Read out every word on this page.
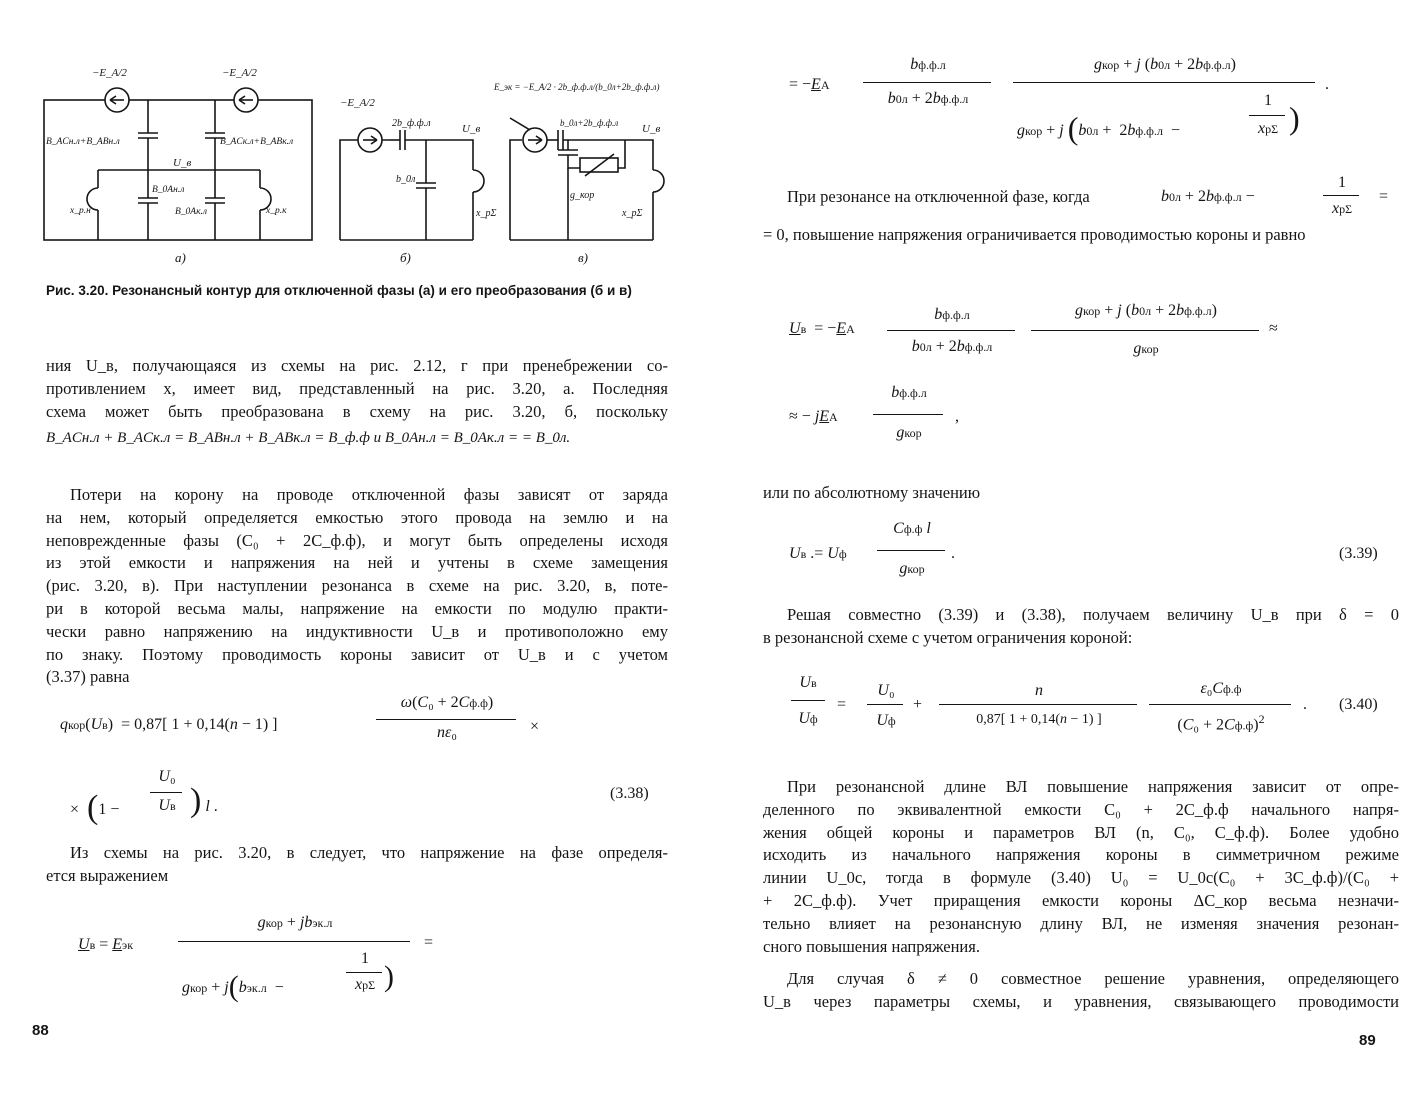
−E_A/2	−E_A/2
B_ACн.л+B_ABн.л	B_ACк.л+B_ABк.л
U_в
B_0Aн.л
B_0Aк.л
x_р.н	x_р.к
−E_A/2
2b_ф.ф.л	U_в
b_0л
x_рΣ
E_эк = −E_A/2 · 2b_ф.ф.л/(b_0л+2b_ф.ф.л)
b_0л+2b_ф.ф.л U_в
g_кор
x_рΣ
а)	б)	в)
Рис. 3.20. Резонансный контур для отключенной фазы (а) и его преобразования (б и в)
ния U_в, получающаяся из схемы на рис. 2.12, г при пренебрежении со-
противлением x, имеет вид, представленный на рис. 3.20, а. Последняя
схема может быть преобразована в схему на рис. 3.20, б, поскольку
B_ACн.л + B_ACк.л = B_ABн.л + B_ABк.л = B_ф.ф и B_0Aн.л = B_0Aк.л = = B_0л.
Потери на корону на проводе отключенной фазы зависят от заряда
на нем, который определяется емкостью этого провода на землю и на
неповрежденные фазы (C₀ + 2C_ф.ф), и могут быть определены исходя
из этой емкости и напряжения на ней и учтены в схеме замещения
(рис. 3.20, в). При наступлении резонанса в схеме на рис. 3.20, в, поте-
ри в которой весьма малы, напряжение на емкости по модулю практи-
чески равно напряжению на индуктивности U_в и противоположно ему
по знаку. Поэтому проводимость короны зависит от U_в и с учетом
(3.37) равна
qкор(Uв)  = 0,87[ 1 + 0,14(n − 1) ]
ω(C₀ + 2Cф.ф)
nε₀	×
×  (1 −
U₀
Uв ) l .
(3.38)
Из схемы на рис. 3.20, в следует, что напряжение на фазе определя-
ется выражением
Uв = Eэк
gкор + jbэк.л
gкор + j(bэк.л  −
1
xрΣ )
=
88
= −EA
bф.ф.л
b0л + 2bф.ф.л
gкор + j (b0л + 2bф.ф.л)
gкор + j (b0л +  2bф.ф.л  −
1
xрΣ )
.
При резонансе на отключенной фазе, когда	b0л + 2bф.ф.л −
1
xрΣ
=
= 0, повышение напряжения ограничивается проводимостью короны и равно
Uв  = −EA
bф.ф.л
b0л + 2bф.ф.л
gкор + j (b0л + 2bф.ф.л)
gкор
≈
≈ − jEA
bф.ф.л
gкор
,
или по абсолютному значению
Uв .= Uф
Cф.ф l
gкор
.	(3.39)
Решая совместно (3.39) и (3.38), получаем величину U_в при δ = 0
в резонансной схеме с учетом ограничения короной:
Uв
Uф
=
U₀
Uф
+
n
0,87[ 1 + 0,14(n − 1) ]
ε₀Cф.ф
$(C_0 + 2Cф.ф)^2$
. (3.40)
При резонансной длине ВЛ повышение напряжения зависит от опре-
деленного по эквивалентной емкости C₀ + 2C_ф.ф начального напря-
жения общей короны и параметров ВЛ (n, C₀, C_ф.ф). Более удобно
исходить из начального напряжения короны в симметричном режиме
линии U_0c, тогда в формуле (3.40) U₀ = U_0c(C₀ + 3C_ф.ф)/(C₀ +
+ 2C_ф.ф). Учет приращения емкости короны ΔC_кор весьма незначи-
тельно влияет на резонансную длину ВЛ, не изменяя значения резонан-
сного повышения напряжения.
Для случая δ ≠ 0 совместное решение уравнения, определяющего
U_в через параметры схемы, и уравнения, связывающего проводимости
89
